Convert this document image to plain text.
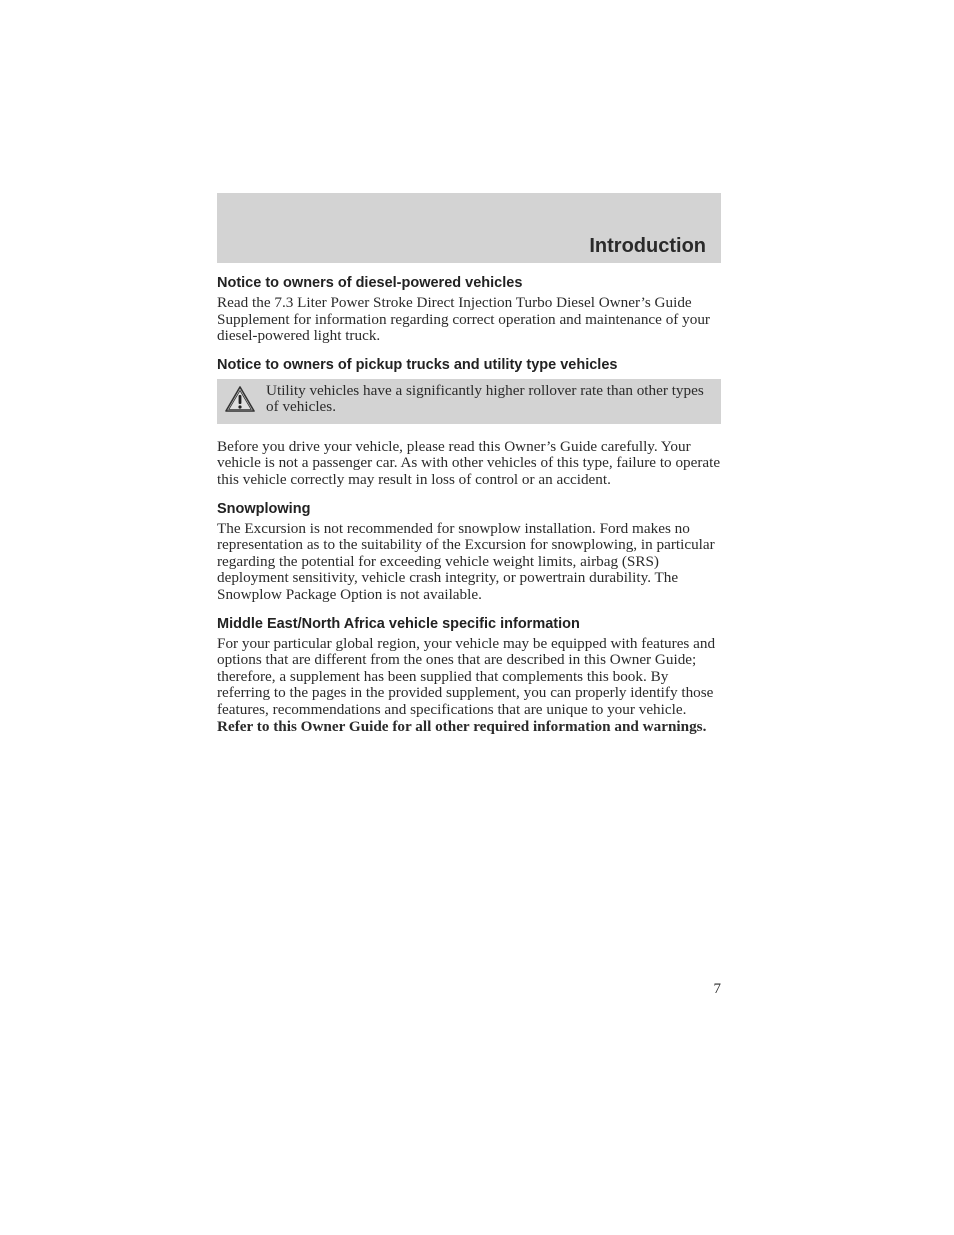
Introduction
Notice to owners of diesel-powered vehicles

Read the 7.3 Liter Power Stroke Direct Injection Turbo Diesel Owner’s Guide Supplement for information regarding correct operation and maintenance of your diesel-powered light truck.

Notice to owners of pickup trucks and utility type vehicles
Utility vehicles have a significantly higher rollover rate than other types of vehicles.

Before you drive your vehicle, please read this Owner’s Guide carefully. Your vehicle is not a passenger car. As with other vehicles of this type, failure to operate this vehicle correctly may result in loss of control or an accident.

Snowplowing

The Excursion is not recommended for snowplow installation. Ford makes no representation as to the suitability of the Excursion for snowplowing, in particular regarding the potential for exceeding vehicle weight limits, airbag (SRS) deployment sensitivity, vehicle crash integrity, or powertrain durability. The Snowplow Package Option is not available.

Middle East/North Africa vehicle specific information

For your particular global region, your vehicle may be equipped with features and options that are different from the ones that are described in this Owner Guide; therefore, a supplement has been supplied that complements this book. By referring to the pages in the provided supplement, you can properly identify those features, recommendations and specifications that are unique to your vehicle. Refer to this Owner Guide for all other required information and warnings.

7
